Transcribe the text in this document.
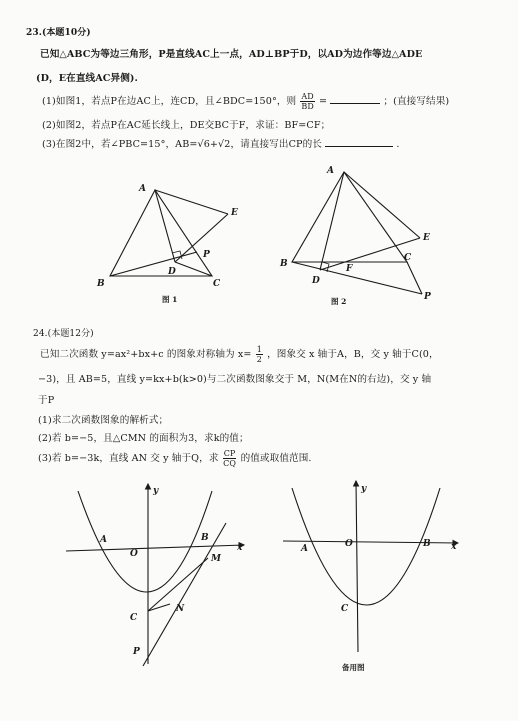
23.(本题10分)
已知△ABC为等边三角形，P是直线AC上一点，AD⊥BP于D，以AD为边作等边△ADE
(D，E在直线AC异侧).
(1)如图1，若点P在边AC上，连CD，且∠BDC=150°，则 $\frac{AD}{BD}$ =	；(直接写结果)
(2)如图2，若点P在AC延长线上，DE交BC于F，求证：BF=CF；
(3)在图2中，若∠PBC=15°，AB=√6+√2，请直接写出CP的长	.
A
B	C
D
E
P
图 1
A
B
C
D
E
F
P
图 2
24.(本题12分)
已知二次函数 y=ax²+bx+c 的图象对称轴为 $x= \frac{1}{2}$ ，图象交 x 轴于A，B，交 y 轴于C(0，
−3)，且 AB=5，直线 y=kx+b(k>0)与二次函数图象交于 M，N(M在N的右边)，交 y 轴
于P
(1)求二次函数图象的解析式；
(2)若 b=−5，且△CMN 的面积为3，求k的值；
(3)若 b=−3k，直线 AN 交 y 轴于Q，求 $\frac{CP}{CQ}$ 的值或取值范围.
y
x
O
A	B
C
M
N
P
y
x
O
A	B
C
备用图
